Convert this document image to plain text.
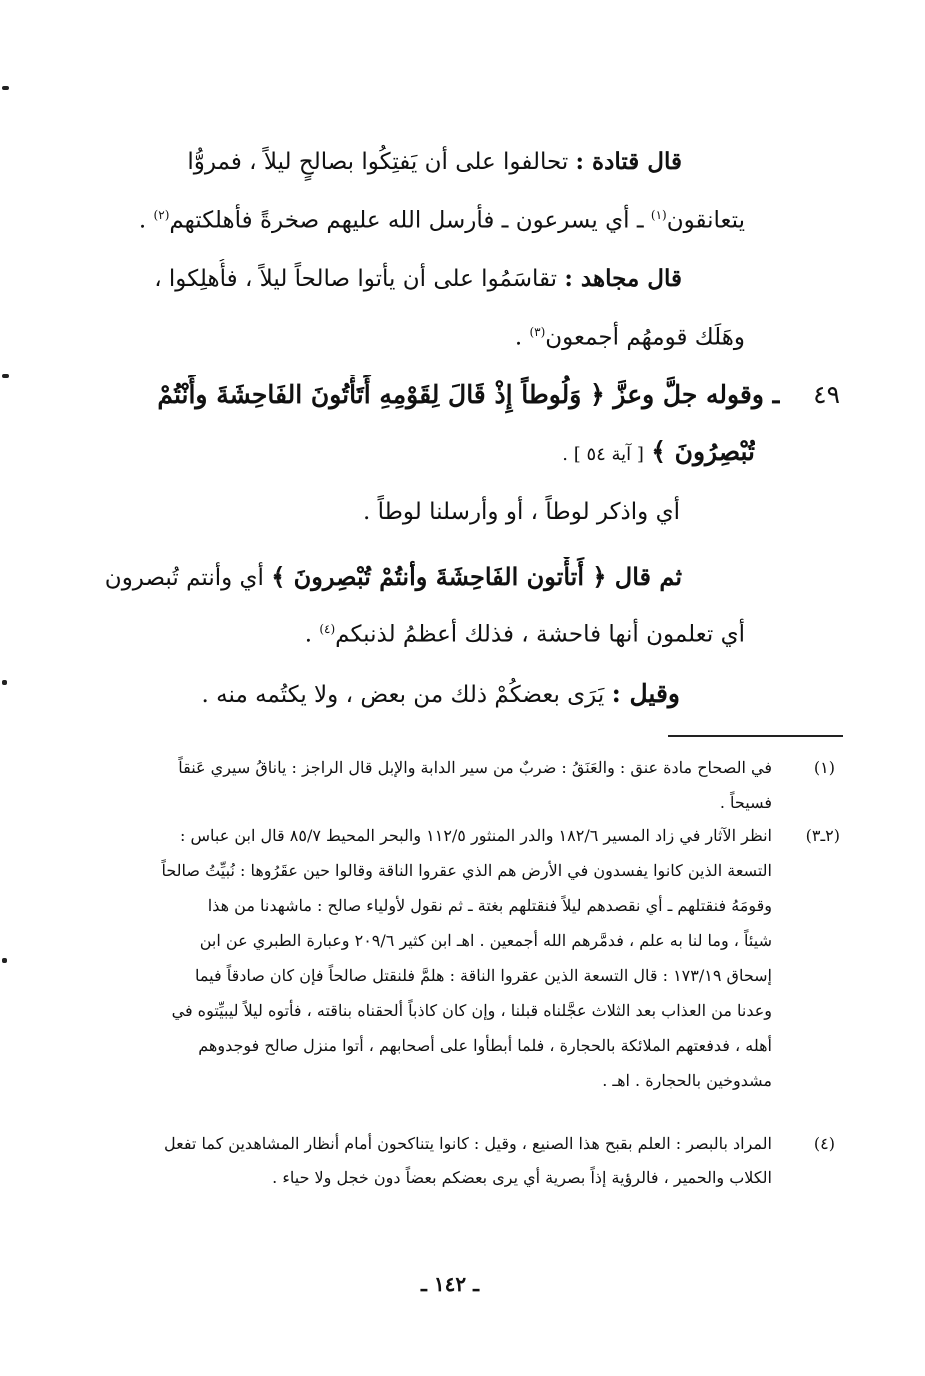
قال قتادة : تحالفوا على أن يَفتِكُوا بصالحٍ ليلاً ، فمروُّا
يتعانقون$^{(١)}$ ـ أي يسرعون ـ فأرسل الله عليهم صخرةً فأهلكتهم$^{(٢)}$ .
قال مجاهد : تقاسَمُوا على أن يأتوا صالحاً ليلاً ، فأُهلِكوا ،
وهَلَك قومهُم أجمعون$^{(٣)}$ .
٤٩
ـ وقوله جلَّ وعزَّ ﴿ وَلُوطاً إِذْ قَالَ لِقَوْمِهِ أَتَأْتُونَ الفَاحِشَةَ وأَنْتُمْ
تُبْصِرُونَ ﴾ [ آية ٥٤ ] .
أي واذكر لوطاً ، أو وأرسلنا لوطاً .
ثم قال ﴿ أَتأْتون الفَاحِشَةَ وأنتُمْ تُبْصِرونَ ﴾ أي وأنتم تُبصرون
أي تعلمون أنها فاحشة ، فذلك أعظمُ لذنبكم$^{(٤)}$ .
وقيل : يَرَى بعضكُمْ ذلك من بعض ، ولا يكتُمه منه .
(١)
في الصحاح مادة عنق : والعَنَقُ : ضربٌ من سير الدابة والإبل قال الراجز : ياناقُ سيري عَنقاً
فسيحاً .
(٢ـ٣)
انظر الآثار في زاد المسير ١٨٢/٦ والدر المنثور ١١٢/٥ والبحر المحيط ٨٥/٧ قال ابن عباس :
التسعة الذين كانوا يفسدون في الأرض هم الذي عقروا الناقة وقالوا حين عقَرُوها : نُبيِّتُ صالحاً
وقومَهُ فنقتلهم ـ أي نقصدهم ليلاً فنقتلهم بغتة ـ ثم نقول لأولياء صالح : ماشهدنا من هذا
شيئاً ، وما لنا به علم ، فدمَّرهم الله أجمعين . اهـ ابن كثير ٢٠٩/٦ وعبارة الطبري عن ابن
إسحاق ١٧٣/١٩ : قال التسعة الذين عقروا الناقة : هلمَّ فلنقتل صالحاً فإن كان صادقاً فيما
وعدنا من العذاب بعد الثلاث عجَّلناه قبلنا ، وإن كان كاذباً ألحقناه بناقته ، فأتوه ليلاً ليبيِّتوه في
أهله ، فدفعتهم الملائكة بالحجارة ، فلما أبطأوا على أصحابهم ، أتوا منزل صالح فوجدوهم
مشدوخين بالحجارة . اهـ .
(٤)
المراد بالبصر : العلم بقبح هذا الصنيع ، وقيل : كانوا يتناكحون أمام أنظار المشاهدين كما تفعل
الكلاب والحمير ، فالرؤية إذاً بصرية أي يرى بعضكم بعضاً دون خجل ولا حياء .
ـ ١٤٢ ـ
